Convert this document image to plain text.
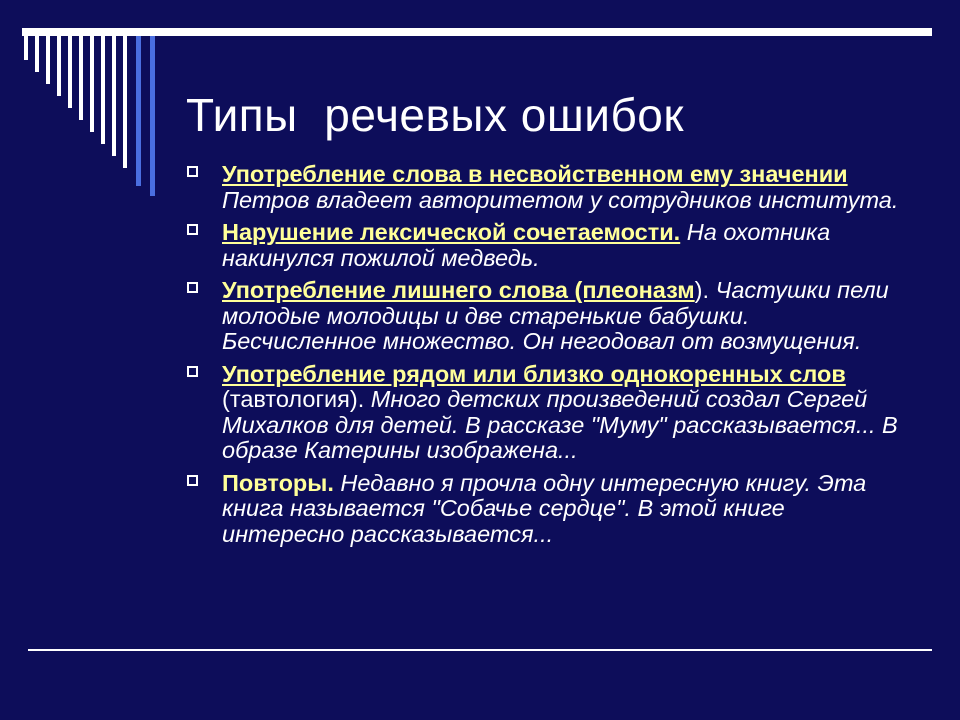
Типы  речевых ошибок
Употребление слова в несвойственном ему значении Петров владеет авторитетом у сотрудников института.
Нарушение лексической сочетаемости. На охотника накинулся пожилой медведь.
Употребление лишнего слова (плеоназм). Частушки пели молодые молодицы и две старенькие бабушки. Бесчисленное множество. Он негодовал от возмущения.
Употребление рядом или близко однокоренных слов (тавтология). Много детских произведений создал Сергей Михалков для детей. В рассказе "Муму" рассказывается... В образе Катерины изображена...
Повторы. Недавно я прочла одну интересную книгу. Эта книга называется "Собачье сердце". В этой книге интересно рассказывается...
